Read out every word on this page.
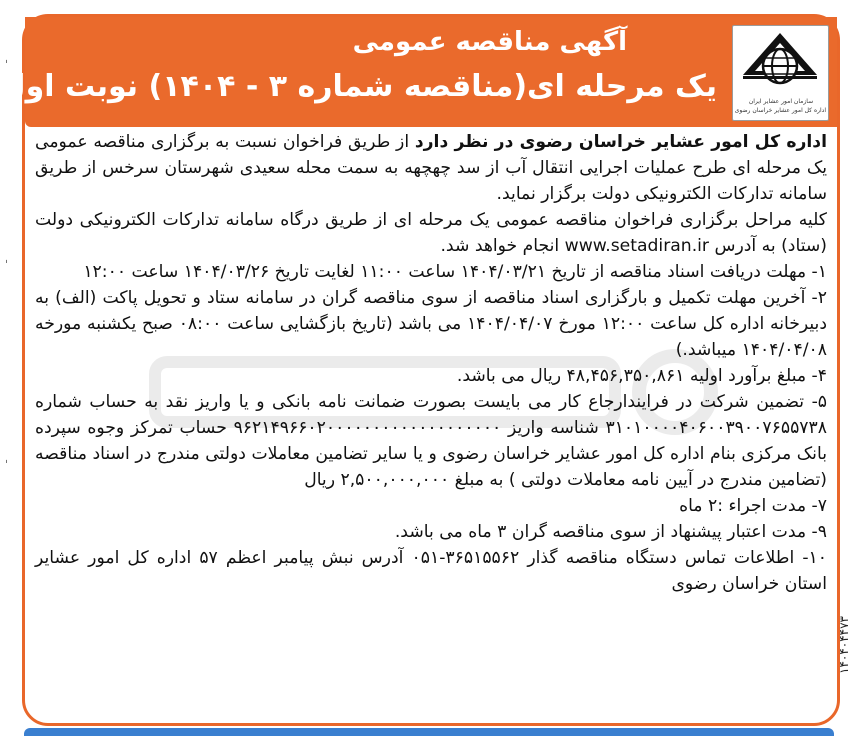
ـ
ـ
ـ
آگهی مناقصه عمومی
یک مرحله ای(مناقصه شماره ۳ - ۱۴۰۴) نوبت اول	سازمان امور عشایر ایران
اداره کل امور عشایر خراسان رضوی

اداره کل امور عشایر خراسان رضوی در نظر دارد از طریق فراخوان نسبت به برگزاری مناقصه عمومی یک مرحله ای طرح عملیات اجرایی انتقال آب از سد چهچهه به سمت محله سعیدی شهرستان سرخس از طریق سامانه تدارکات الکترونیکی دولت برگزار نماید.

کلیه مراحل برگزاری فراخوان مناقصه عمومی یک مرحله ای از طریق درگاه سامانه تدارکات الکترونیکی دولت (ستاد) به آدرس www.setadiran.ir انجام خواهد شد.

۱- مهلت دریافت اسناد مناقصه از تاریخ ۱۴۰۴/۰۳/۲۱ ساعت ۱۱:۰۰ لغایت تاریخ ۱۴۰۴/۰۳/۲۶ ساعت ۱۲:۰۰

۲- آخرین مهلت تکمیل و بارگزاری اسناد مناقصه از سوی مناقصه گران در سامانه ستاد و تحویل پاکت (الف) به دبیرخانه اداره کل ساعت ۱۲:۰۰ مورخ ۱۴۰۴/۰۴/۰۷ می باشد (تاریخ بازگشایی ساعت ۰۸:۰۰ صبح یکشنبه مورخه ۱۴۰۴/۰۴/۰۸ میباشد.)

۴- مبلغ برآورد اولیه ۴۸,۴۵۶,۳۵۰,۸۶۱ ریال می باشد.

۵- تضمین شرکت در فرایندارجاع کار می بایست بصورت ضمانت نامه بانکی و یا واریز نقد به حساب شماره ۳۱۰۱۰۰۰۰۴۰۶۰۰۳۹۰۰۷۶۵۵۷۳۸ شناسه واریز ۹۶۲۱۴۹۶۶۰۲۰۰۰۰۰۰۰۰۰۰۰۰۰۰۰۰۰۰۰ حساب تمرکز وجوه سپرده بانک مرکزی بنام اداره کل امور عشایر خراسان رضوی و یا سایر تضامین معاملات دولتی مندرج در اسناد مناقصه (تضامین مندرج در آیین نامه معاملات دولتی ) به مبلغ ۲,۵۰۰,۰۰۰,۰۰۰ ریال

۷- مدت اجراء :۲ ماه

۹- مدت اعتبار پیشنهاد از سوی مناقصه گران ۳ ماه می باشد.

۱۰- اطلاعات تماس دستگاه مناقصه گذار ۳۶۵۱۵۵۶۲-۰۵۱ آدرس نبش پیامبر اعظم ۵۷ اداره کل امور عشایر استان خراسان رضوی

۱۴۰۴۰۴۴۷۳
